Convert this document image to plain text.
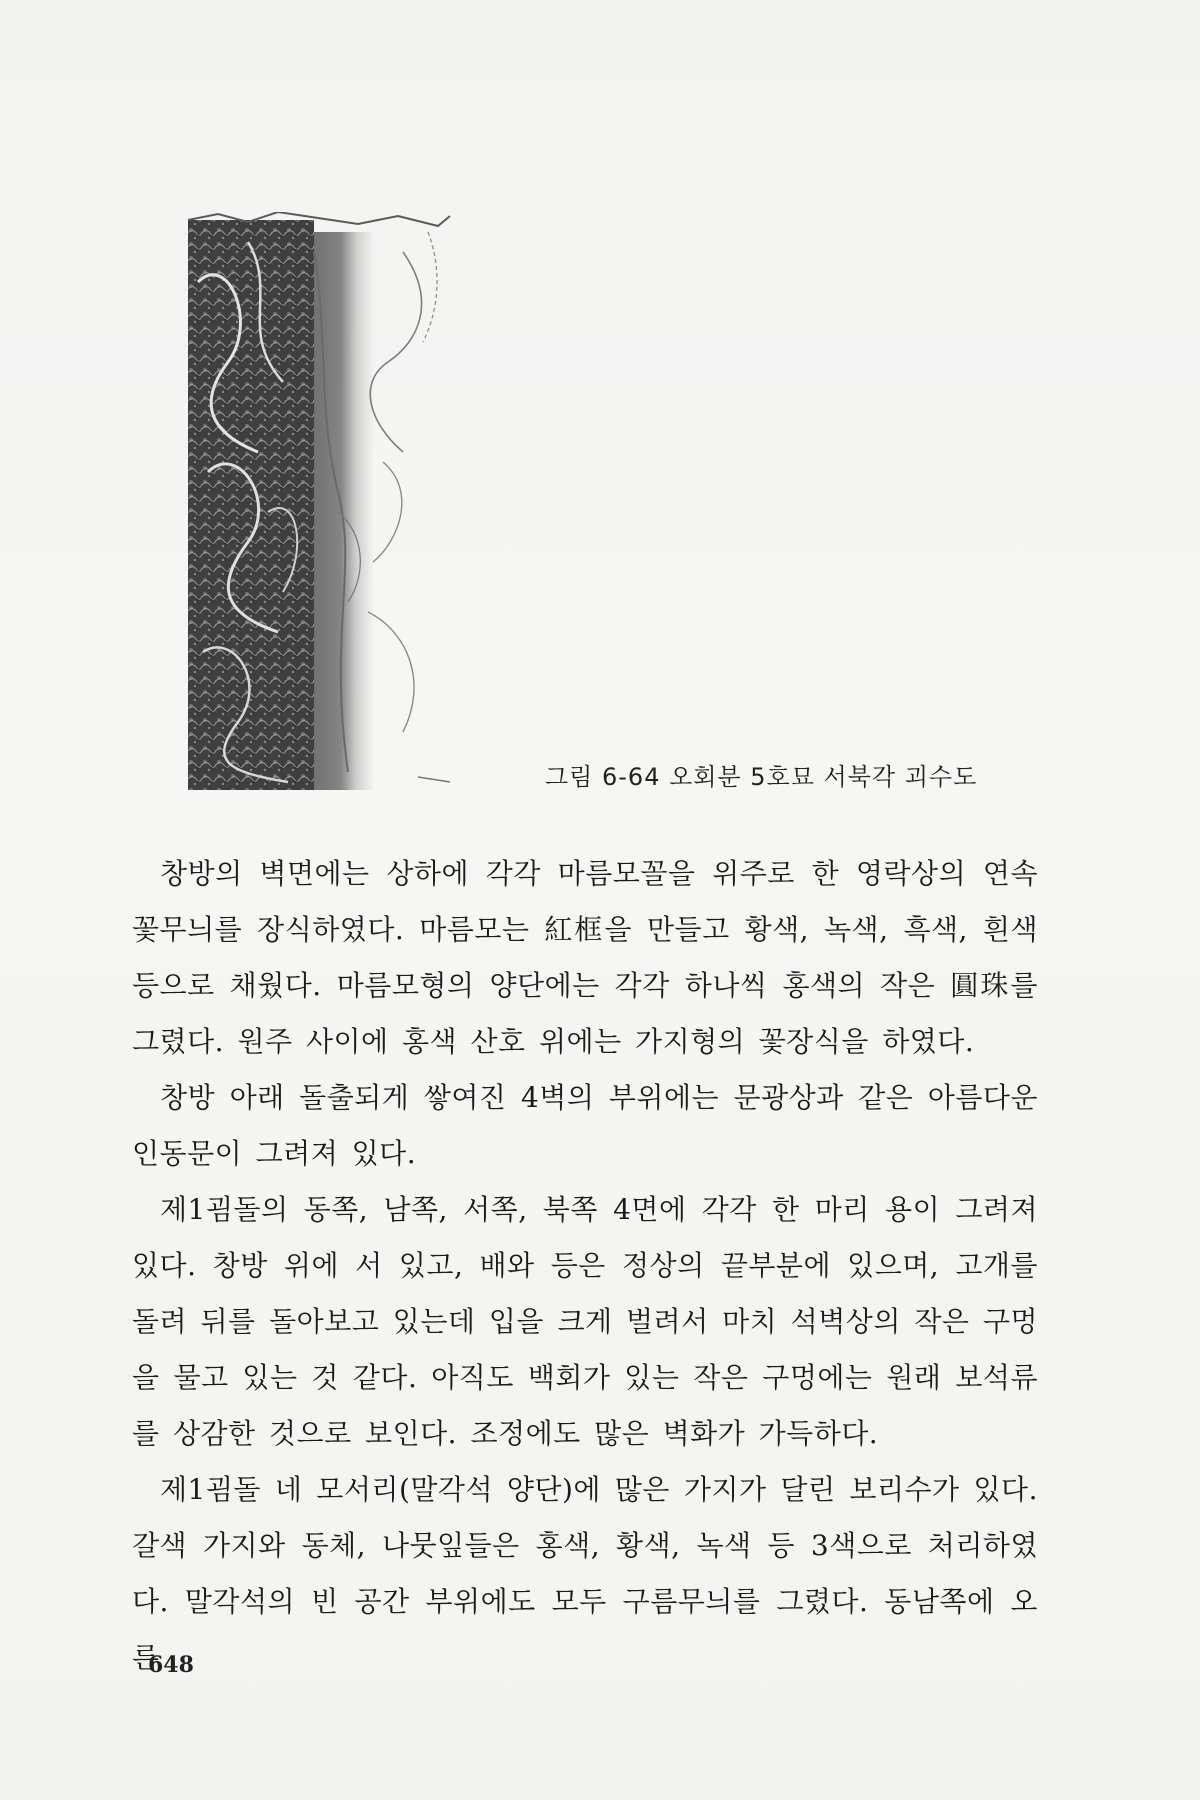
그림 6-64 오회분 5호묘 서북각 괴수도

창방의 벽면에는 상하에 각각 마름모꼴을 위주로 한 영락상의 연속 꽃무늬를 장식하였다. 마름모는 紅框을 만들고 황색, 녹색, 흑색, 흰색 등으로 채웠다. 마름모형의 양단에는 각각 하나씩 홍색의 작은 圓珠를 그렸다. 원주 사이에 홍색 산호 위에는 가지형의 꽃장식을 하였다.

창방 아래 돌출되게 쌓여진 4벽의 부위에는 문광상과 같은 아름다운 인동문이 그려져 있다.

제1굄돌의 동쪽, 남쪽, 서쪽, 북쪽 4면에 각각 한 마리 용이 그려져 있다. 창방 위에 서 있고, 배와 등은 정상의 끝부분에 있으며, 고개를 돌려 뒤를 돌아보고 있는데 입을 크게 벌려서 마치 석벽상의 작은 구멍을 물고 있는 것 같다. 아직도 백회가 있는 작은 구멍에는 원래 보석류를 상감한 것으로 보인다. 조정에도 많은 벽화가 가득하다.

제1굄돌 네 모서리(말각석 양단)에 많은 가지가 달린 보리수가 있다. 갈색 가지와 동체, 나뭇잎들은 홍색, 황색, 녹색 등 3색으로 처리하였다. 말각석의 빈 공간 부위에도 모두 구름무늬를 그렸다. 동남쪽에 오른

648
